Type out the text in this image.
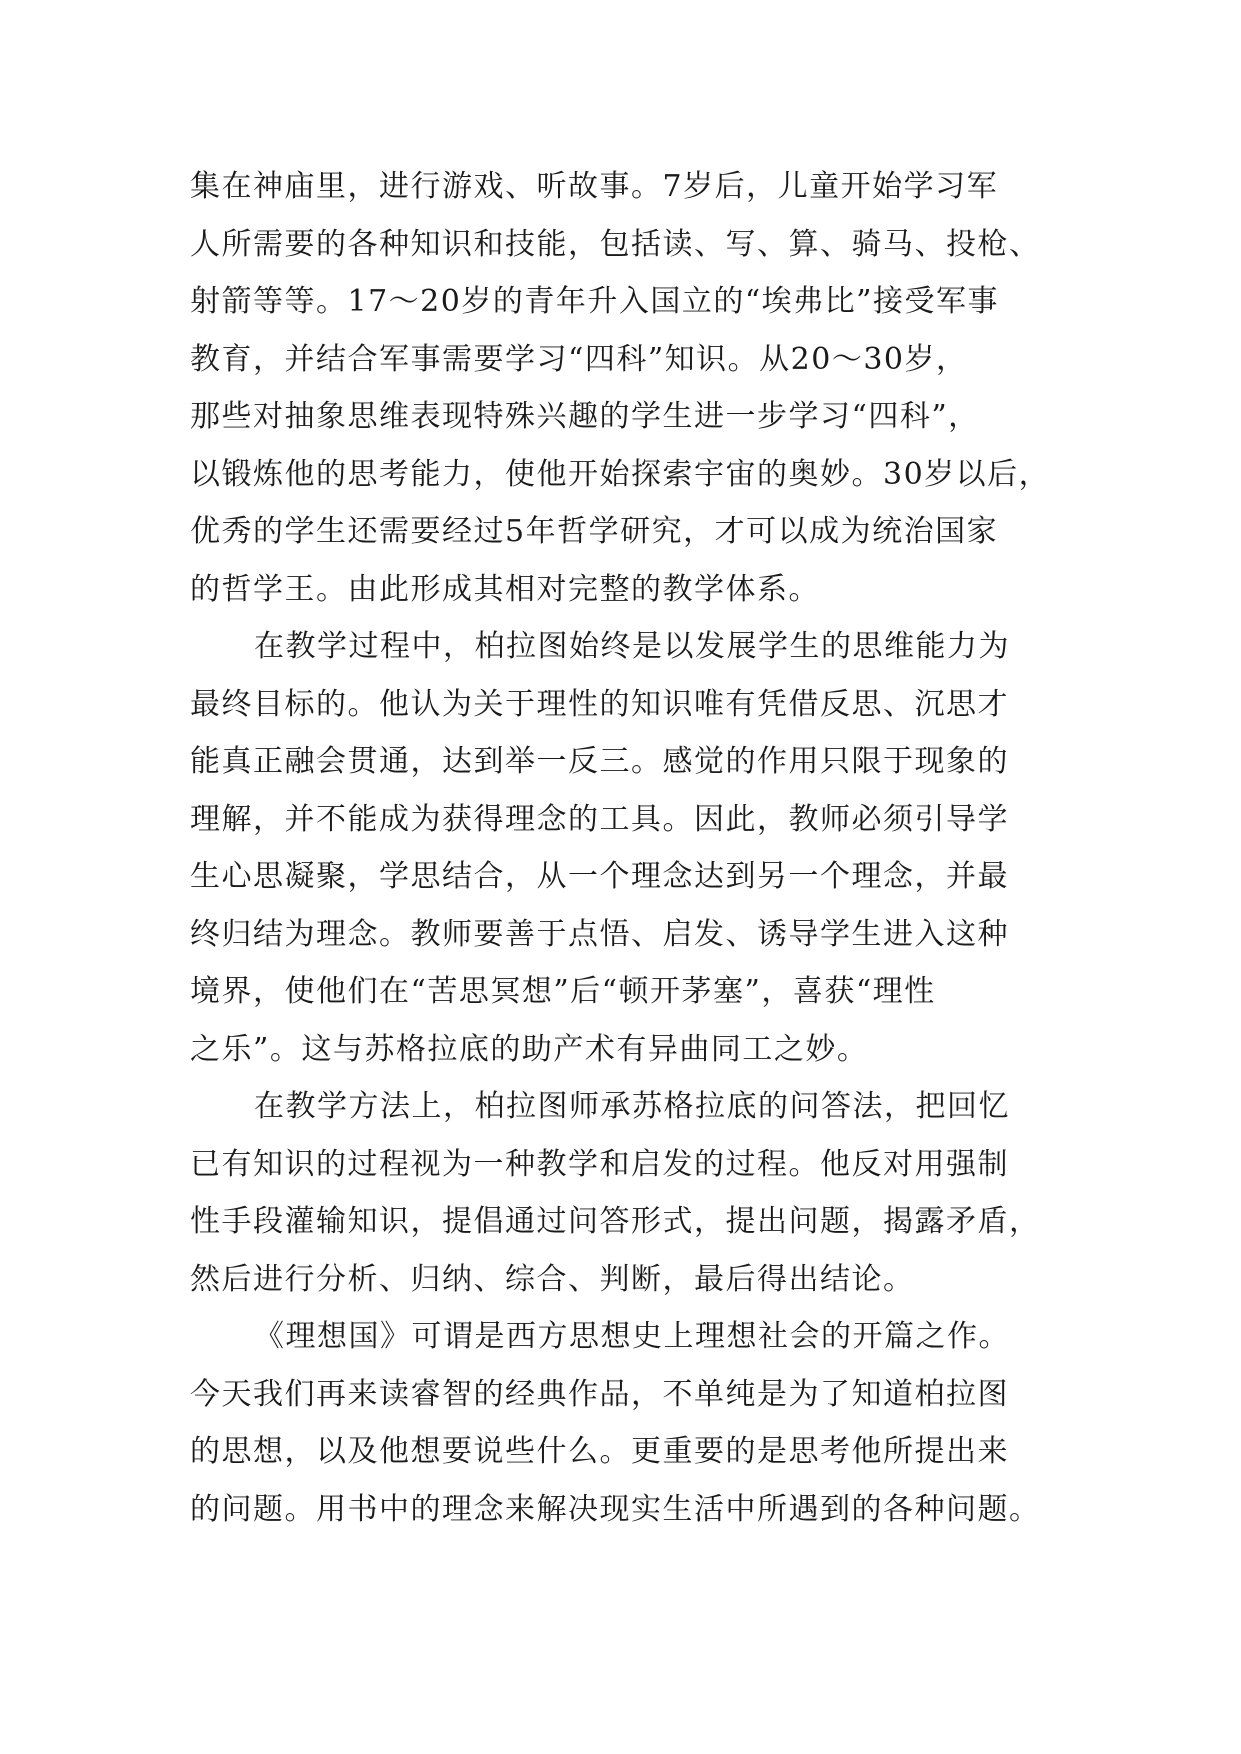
集在神庙里，进行游戏、听故事。7岁后，儿童开始学习军
人所需要的各种知识和技能，包括读、写、算、骑马、投枪、
射箭等等。17～20岁的青年升入国立的“埃弗比”接受军事
教育，并结合军事需要学习“四科”知识。从20～30岁，
那些对抽象思维表现特殊兴趣的学生进一步学习“四科”，
以锻炼他的思考能力，使他开始探索宇宙的奥妙。30岁以后，
优秀的学生还需要经过5年哲学研究，才可以成为统治国家
的哲学王。由此形成其相对完整的教学体系。
在教学过程中，柏拉图始终是以发展学生的思维能力为
最终目标的。他认为关于理性的知识唯有凭借反思、沉思才
能真正融会贯通，达到举一反三。感觉的作用只限于现象的
理解，并不能成为获得理念的工具。因此，教师必须引导学
生心思凝聚，学思结合，从一个理念达到另一个理念，并最
终归结为理念。教师要善于点悟、启发、诱导学生进入这种
境界，使他们在“苦思冥想”后“顿开茅塞”，喜获“理性
之乐”。这与苏格拉底的助产术有异曲同工之妙。
在教学方法上，柏拉图师承苏格拉底的问答法，把回忆
已有知识的过程视为一种教学和启发的过程。他反对用强制
性手段灌输知识，提倡通过问答形式，提出问题，揭露矛盾，
然后进行分析、归纳、综合、判断，最后得出结论。
《理想国》可谓是西方思想史上理想社会的开篇之作。
今天我们再来读睿智的经典作品，不单纯是为了知道柏拉图
的思想，以及他想要说些什么。更重要的是思考他所提出来
的问题。用书中的理念来解决现实生活中所遇到的各种问题。
